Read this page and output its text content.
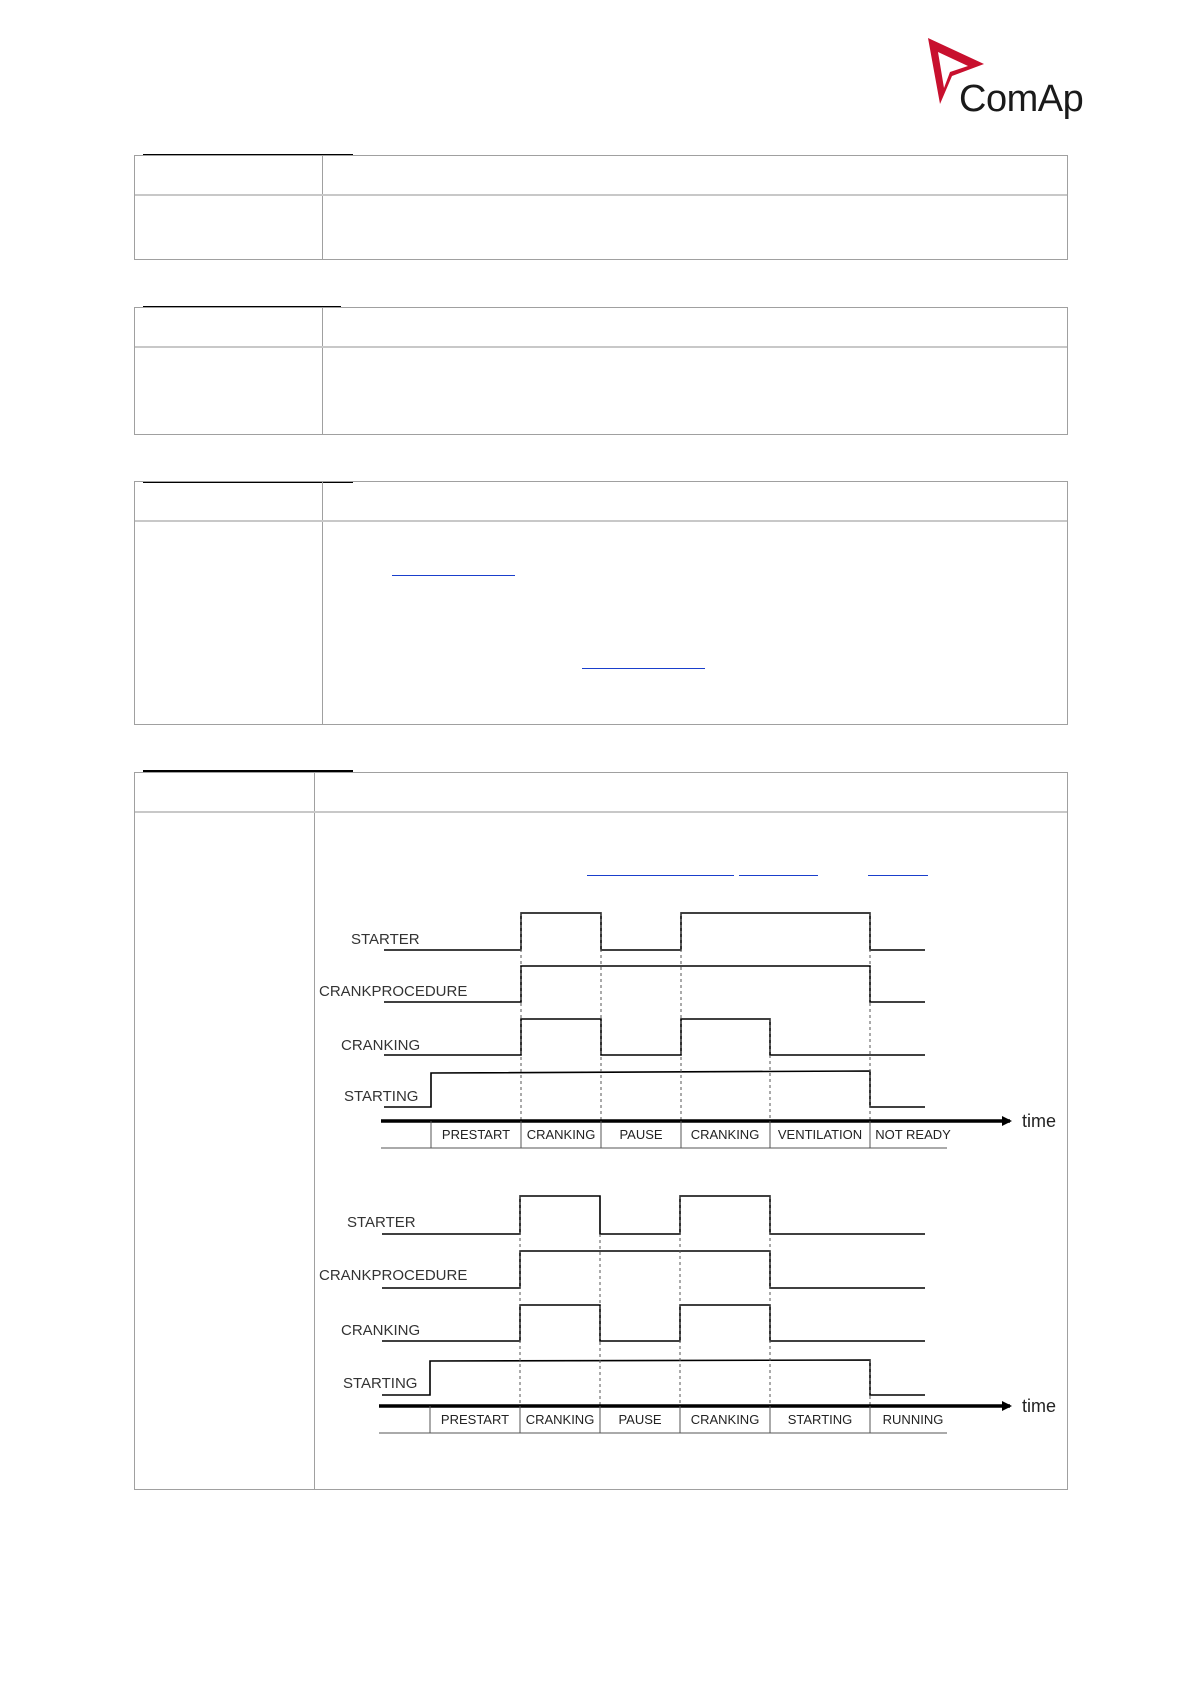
ComAp
STARTER
CRANKPROCEDURE
CRANKING
STARTING
time
PRESTART CRANKING PAUSE CRANKING VENTILATION NOT READY
STARTER
CRANKPROCEDURE
CRANKING
STARTING
time
PRESTART CRANKING PAUSE CRANKING STARTING RUNNING
